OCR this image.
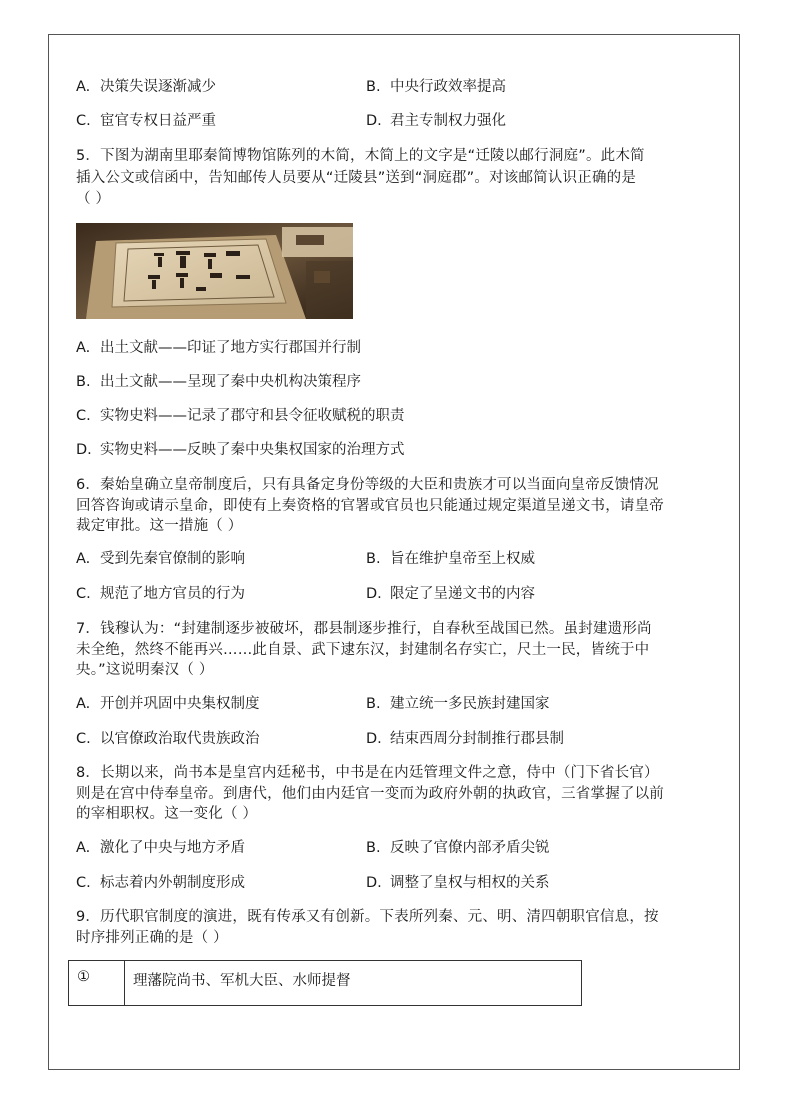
A. 决策失误逐渐减少	B. 中央行政效率提高
C. 宦官专权日益严重	D. 君主专制权力强化
5．下图为湖南里耶秦简博物馆陈列的木简，木简上的文字是“迁陵以邮行洞庭”。此木简
插入公文或信函中，告知邮传人员要从“迁陵县”送到“洞庭郡”。对该邮简认识正确的是
（ ）
A. 出土文献——印证了地方实行郡国并行制
B. 出土文献——呈现了秦中央机构决策程序
C. 实物史料——记录了郡守和县令征收赋税的职责
D. 实物史料——反映了秦中央集权国家的治理方式
6．秦始皇确立皇帝制度后，只有具备定身份等级的大臣和贵族才可以当面向皇帝反馈情况
回答咨询或请示皇命，即使有上奏资格的官署或官员也只能通过规定渠道呈递文书，请皇帝
裁定审批。这一措施（ ）
A. 受到先秦官僚制的影响	B. 旨在维护皇帝至上权威
C. 规范了地方官员的行为	D. 限定了呈递文书的内容
7．钱穆认为：“封建制逐步被破坏，郡县制逐步推行，自春秋至战国已然。虽封建遗形尚
未全绝，然终不能再兴……此自景、武下逮东汉，封建制名存实亡，尺土一民，皆统于中
央。”这说明秦汉（ ）
A. 开创并巩固中央集权制度	B. 建立统一多民族封建国家
C. 以官僚政治取代贵族政治	D. 结束西周分封制推行郡县制
8．长期以来，尚书本是皇宫内廷秘书，中书是在内廷管理文件之意，侍中（门下省长官）
则是在宫中侍奉皇帝。到唐代，他们由内廷官一变而为政府外朝的执政官，三省掌握了以前
的宰相职权。这一变化（ ）
A. 激化了中央与地方矛盾	B. 反映了官僚内部矛盾尖锐
C. 标志着内外朝制度形成	D. 调整了皇权与相权的关系
9．历代职官制度的演进，既有传承又有创新。下表所列秦、元、明、清四朝职官信息，按
时序排列正确的是（ ）
①	理藩院尚书、军机大臣、水师提督
